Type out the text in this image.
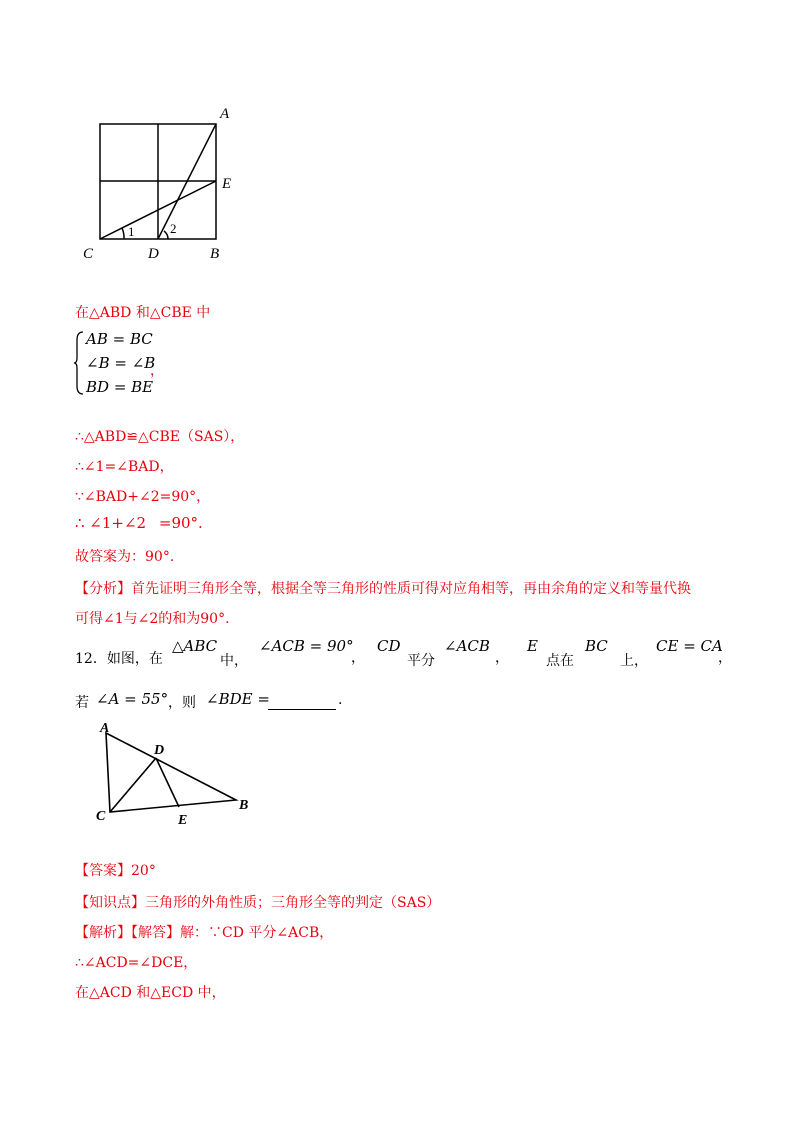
A
E
C	D	B
1	2
在△ABD 和△CBE 中
AB = BC
∠B = ∠B
BD = BE
，
∴△ABD≌△CBE（SAS），
∴∠1=∠BAD，
∵∠BAD+∠2=90°，
∴ ∠1+∠2 =90°.
故答案为：90°.
【分析】首先证明三角形全等，根据全等三角形的性质可得对应角相等，再由余角的定义和等量代换
可得∠1与∠2的和为90°.
12．如图，在
△ABC
中，
∠ACB = 90°
，
CD
平分
∠ACB
，
E
点在
BC
上，
CE = CA
，
若 ∠A = 55° ，则 ∠BDE =	.
A
D
C	E
B
【答案】20°
【知识点】三角形的外角性质；三角形全等的判定（SAS）
【解析】【解答】解：∵CD 平分∠ACB，
∴∠ACD=∠DCE，
在△ACD 和△ECD 中，
